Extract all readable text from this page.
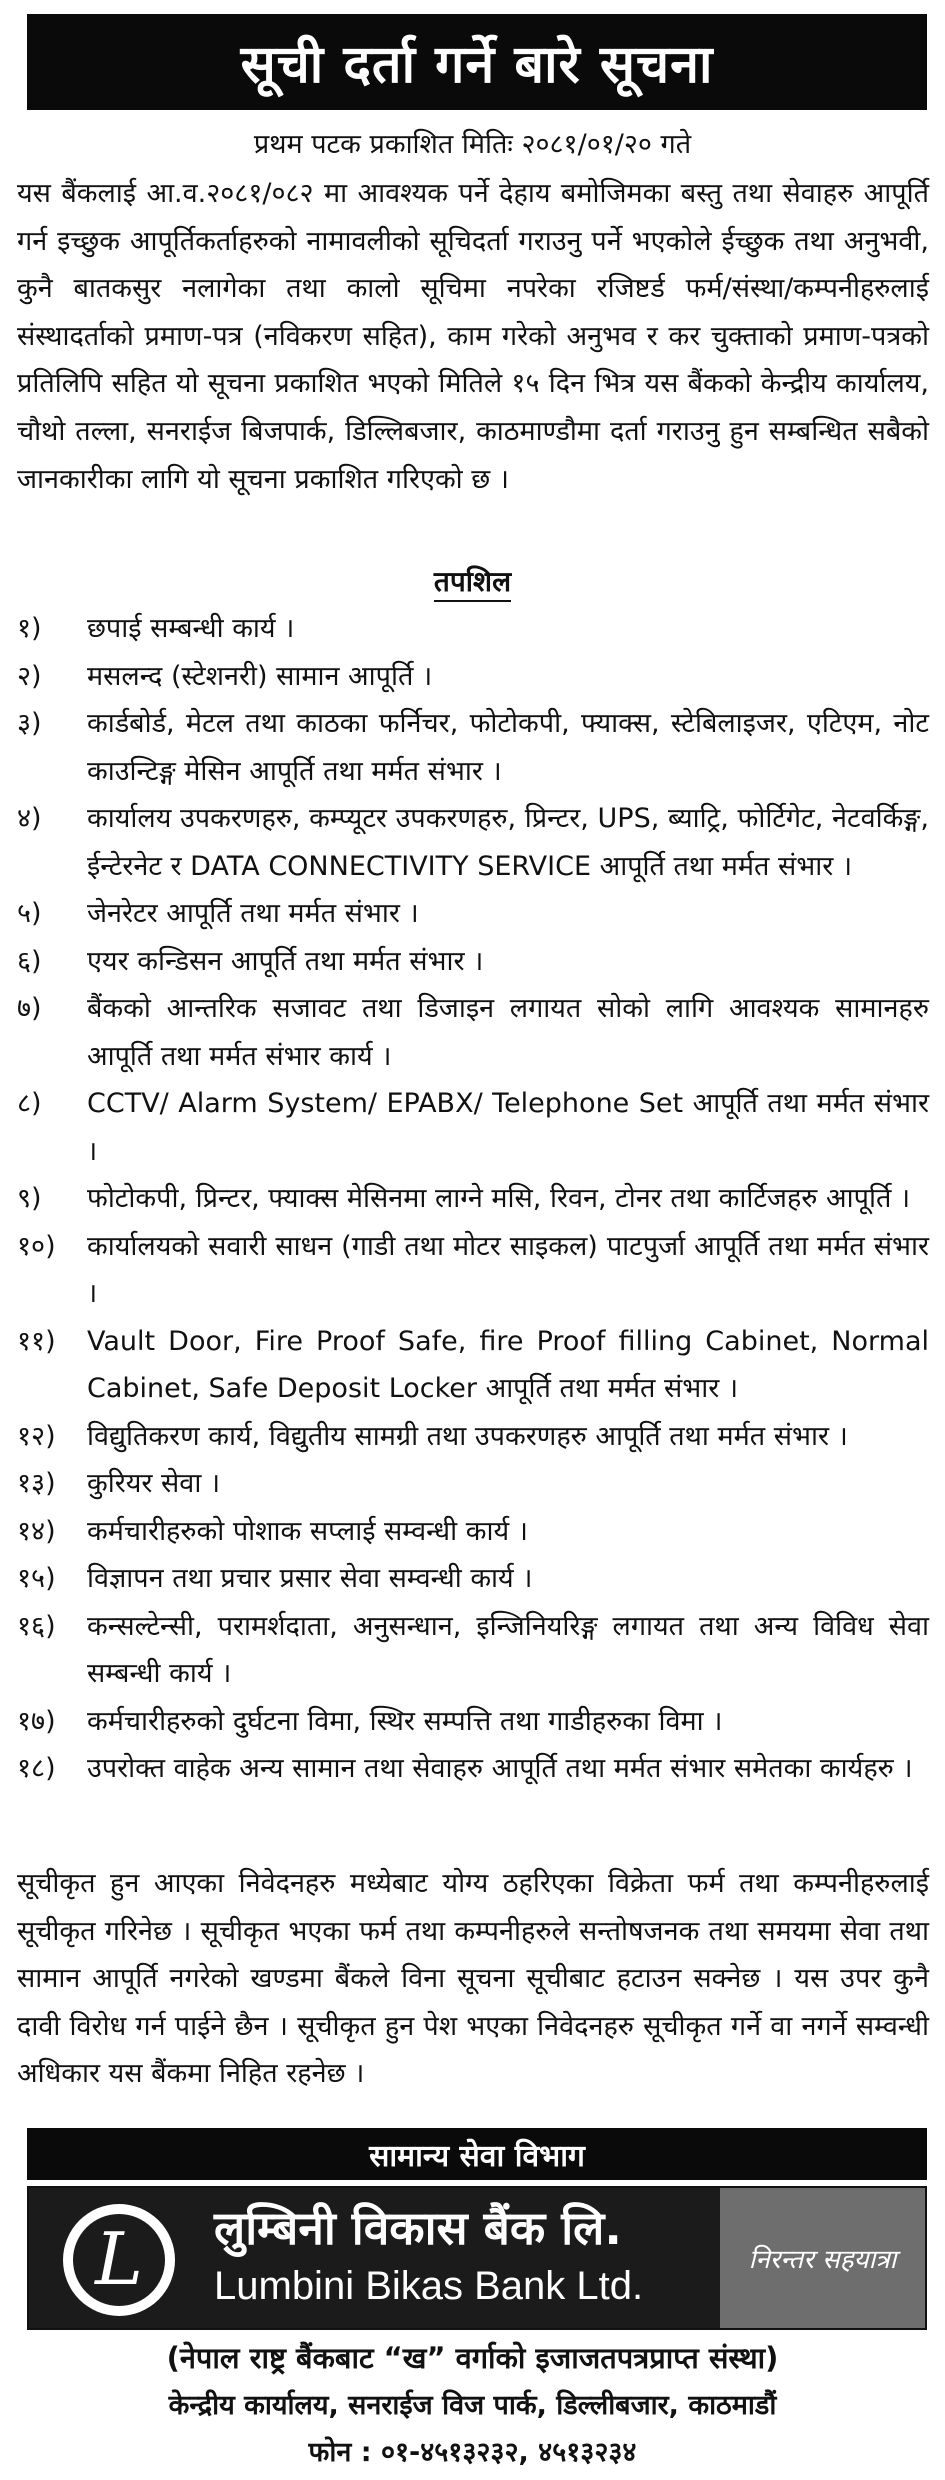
सूची दर्ता गर्ने बारे सूचना
प्रथम पटक प्रकाशित मितिः २०८१/०१/२० गते
यस बैंकलाई आ.व.२०८१/०८२ मा आवश्यक पर्ने देहाय बमोजिमका बस्तु तथा सेवाहरु आपूर्ति गर्न इच्छुक आपूर्तिकर्ताहरुको नामावलीको सूचिदर्ता गराउनु पर्ने भएकोले ईच्छुक तथा अनुभवी, कुनै बातकसुर नलागेका तथा कालो सूचिमा नपरेका रजिष्टर्ड फर्म/संस्था/कम्पनीहरुलाई संस्थादर्ताको प्रमाण-पत्र (नविकरण सहित), काम गरेको अनुभव र कर चुक्ताको प्रमाण-पत्रको प्रतिलिपि सहित यो सूचना प्रकाशित भएको मितिले १५ दिन भित्र यस बैंकको केन्द्रीय कार्यालय, चौथो तल्ला, सनराईज बिजपार्क, डिल्लिबजार, काठमाण्डौमा दर्ता गराउनु हुन सम्बन्धित सबैको जानकारीका लागि यो सूचना प्रकाशित गरिएको छ ।
तपशिल
१)	छपाई सम्बन्धी कार्य ।
२)	मसलन्द (स्टेशनरी) सामान आपूर्ति ।
३)	कार्डबोर्ड, मेटल तथा काठका फर्निचर, फोटोकपी, फ्याक्स, स्टेबिलाइजर, एटिएम, नोट काउन्टिङ्ग मेसिन आपूर्ति तथा मर्मत संभार ।
४)	कार्यालय उपकरणहरु, कम्प्यूटर उपकरणहरु, प्रिन्टर, UPS, ब्याट्रि, फोर्टिगेट, नेटवर्किङ्ग, ईन्टेरनेट र DATA CONNECTIVITY SERVICE आपूर्ति तथा मर्मत संभार ।
५)	जेनरेटर आपूर्ति तथा मर्मत संभार ।
६)	एयर कन्डिसन आपूर्ति तथा मर्मत संभार ।
७)	बैंकको आन्तरिक सजावट तथा डिजाइन लगायत सोको लागि आवश्यक सामानहरु आपूर्ति तथा मर्मत संभार कार्य ।
८)	CCTV/ Alarm System/ EPABX/ Telephone Set आपूर्ति तथा मर्मत संभार ।
९)	फोटोकपी, प्रिन्टर, फ्याक्स मेसिनमा लाग्ने मसि, रिवन, टोनर तथा कार्टिजहरु आपूर्ति ।
१०)	कार्यालयको सवारी साधन (गाडी तथा मोटर साइकल) पाटपुर्जा आपूर्ति तथा मर्मत संभार ।
११)	Vault Door, Fire Proof Safe, fire Proof filling Cabinet, Normal Cabinet, Safe Deposit Locker आपूर्ति तथा मर्मत संभार ।
१२)	विद्युतिकरण कार्य, विद्युतीय सामग्री तथा उपकरणहरु आपूर्ति तथा मर्मत संभार ।
१३)	कुरियर सेवा ।
१४)	कर्मचारीहरुको पोशाक सप्लाई सम्वन्धी कार्य ।
१५)	विज्ञापन तथा प्रचार प्रसार सेवा सम्वन्धी कार्य ।
१६)	कन्सल्टेन्सी, परामर्शदाता, अनुसन्धान, इन्जिनियरिङ्ग लगायत तथा अन्य विविध सेवा सम्बन्धी कार्य ।
१७)	कर्मचारीहरुको दुर्घटना विमा, स्थिर सम्पत्ति तथा गाडीहरुका विमा ।
१८)	उपरोक्त वाहेक अन्य सामान तथा सेवाहरु आपूर्ति तथा मर्मत संभार समेतका कार्यहरु ।
सूचीकृत हुन आएका निवेदनहरु मध्येबाट योग्य ठहरिएका विक्रेता फर्म तथा कम्पनीहरुलाई सूचीकृत गरिनेछ । सूचीकृत भएका फर्म तथा कम्पनीहरुले सन्तोषजनक तथा समयमा सेवा तथा सामान आपूर्ति नगरेको खण्डमा बैंकले विना सूचना सूचीबाट हटाउन सक्नेछ । यस उपर कुनै दावी विरोध गर्न पाईने छैन । सूचीकृत हुन पेश भएका निवेदनहरु सूचीकृत गर्ने वा नगर्ने सम्वन्धी अधिकार यस बैंकमा निहित रहनेछ ।
सामान्य सेवा विभाग
L लुम्बिनी विकास बैंक लि.
Lumbini Bikas Bank Ltd.
निरन्तर सहयात्रा
(नेपाल राष्ट्र बैंकबाट “ख” वर्गाको इजाजतपत्रप्राप्त संस्था)
केन्द्रीय कार्यालय, सनराईज विज पार्क, डिल्लीबजार, काठमाडौं
फोन : ०१-४५१३२३२, ४५१३२३४
